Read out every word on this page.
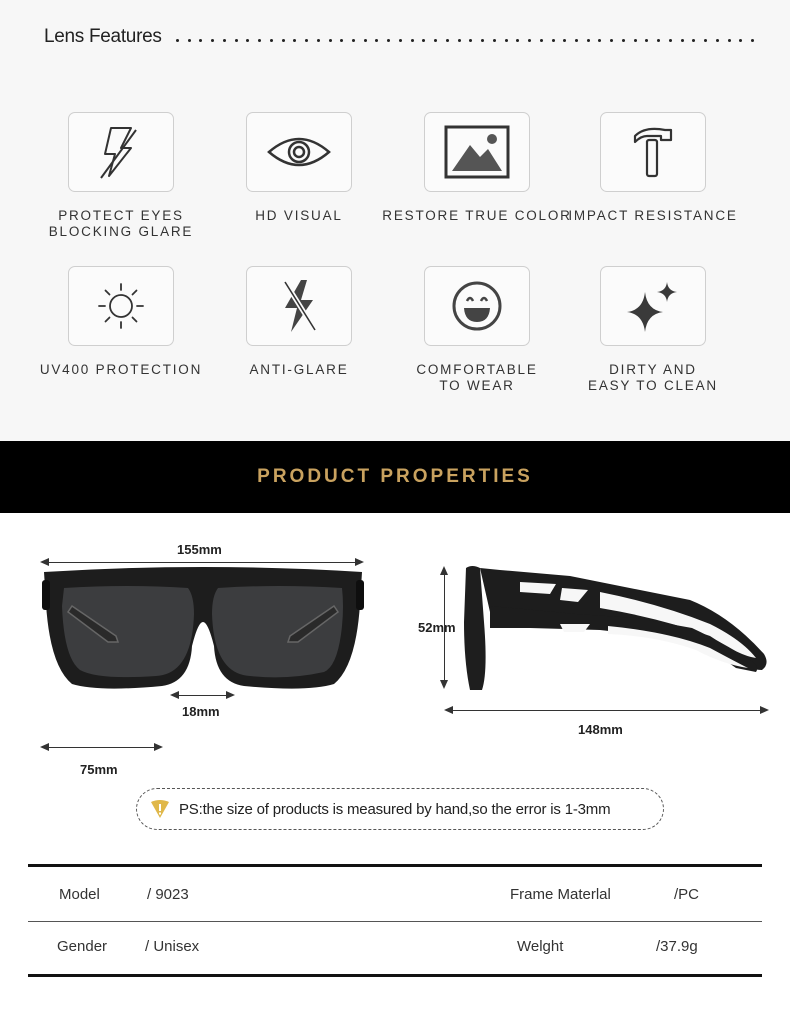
Lens Features
PROTECT EYES
BLOCKING GLARE
HD VISUAL	RESTORE TRUE COLOR
IMPACT RESISTANCE
UV400 PROTECTION	ANTI-GLARE	COMFORTABLE
TO WEAR
DIRTY AND
EASY TO CLEAN
PRODUCT PROPERTIES
155mm
18mm
75mm
52mm
148mm
PS:the size of products is measured by hand,so the error is 1-3mm
Model	/ 9023	Frame Materlal	/PC
Gender	/ Unisex	Welght	/37.9g
